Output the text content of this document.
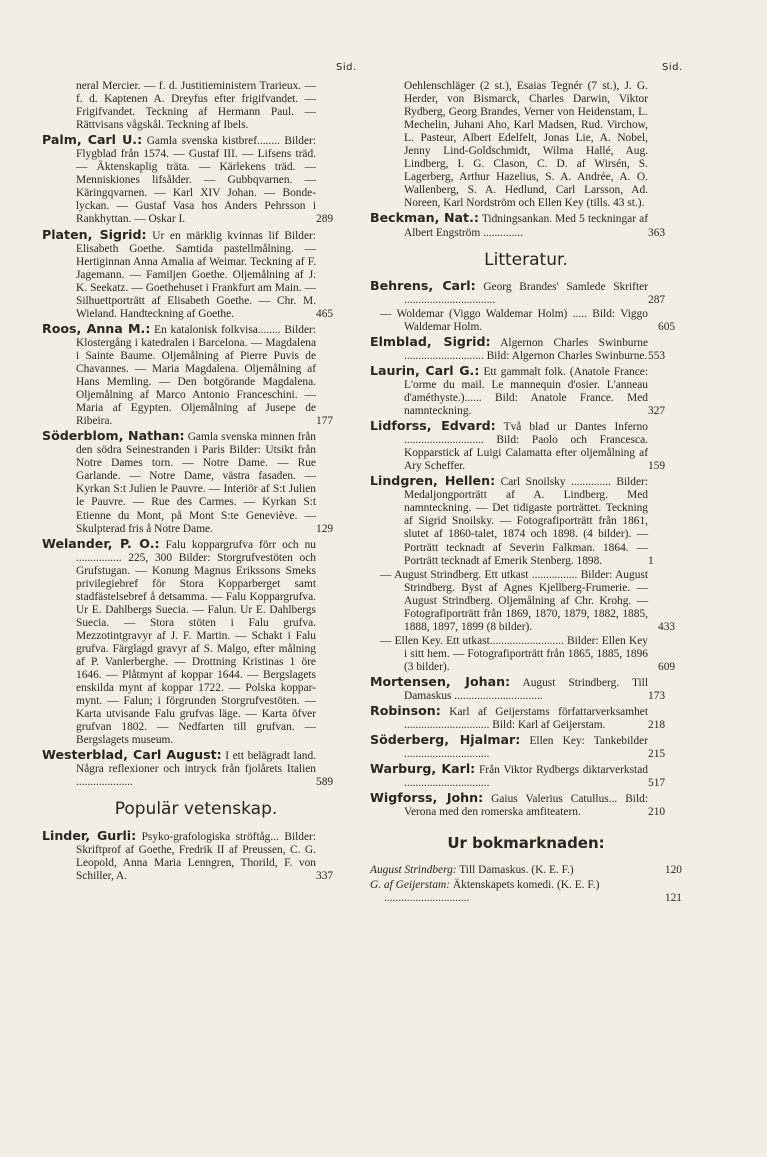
Sid.	Sid.
neral Mercier. — f. d. Justitieministern Trarieux. — f. d. Kaptenen A. Dreyfus efter frigifvandet. — Frigifvandet. Teckning af Hermann Paul. — Rättvisans vågskål. Teckning af Ibels.
Palm, Carl U.: Gamla svenska kistbref........ Bilder: Flygblad från 1574. — Gustaf III. — Lifsens träd. — Äktenskaplig träta. — Kärlekens träd. — Menniskiones lifsålder. — Gubbqvarnen. — Käringqvarnen. — Karl XIV Johan. — Bonde-lyckan. — Gustaf Vasa hos Anders Pehrsson i Rankhyttan. — Oskar I.	289
Platen, Sigrid: Ur en märklig kvinnas lif Bilder: Elisabeth Goethe. Samtida pastellmålning. — Hertiginnan Anna Amalia af Weimar. Teckning af F. Jagemann. — Familjen Goethe. Oljemålning af J. K. Seekatz. — Goethehuset i Frankfurt am Main. — Silhuettporträtt af Elisabeth Goethe. — Chr. M. Wieland. Handteckning af Goethe.	465
Roos, Anna M.: En katalonisk folkvisa........ Bilder: Klostergång i katedralen i Barcelona. — Magdalena i Sainte Baume. Oljemålning af Pierre Puvis de Chavannes. — Maria Magdalena. Oljemålning af Hans Memling. — Den botgörande Magdalena. Oljemålning af Marco Antonio Franceschini. — Maria af Egypten. Oljemålning af Jusepe de Ribeira.	177
Söderblom, Nathan: Gamla svenska minnen från den södra Seinestranden i Paris Bilder: Utsikt från Notre Dames torn. — Notre Dame. — Rue Garlande. — Notre Dame, västra fasaden. — Kyrkan S:t Julien le Pauvre. — Interiör af S:t Julien le Pauvre. — Rue des Carmes. — Kyrkan S:t Etienne du Mont, på Mont S:te Geneviève. — Skulpterad fris å Notre Dame.	129
Welander, P. O.: Falu koppargrufva förr och nu ................ 225, 300 Bilder: Storgrufvestöten och Grufstugan. — Konung Magnus Erikssons Smeks privilegiebref för Stora Kopparberget samt stadfästelsebref å detsamma. — Falu Koppargrufva. Ur E. Dahlbergs Suecia. — Falun. Ur E. Dahlbergs Suecia. — Stora stöten i Falu grufva. Mezzotintgravyr af J. F. Martin. — Schakt i Falu grufva. Färglagd gravyr af S. Malgo, efter målning af P. Vanlerberghe. — Drottning Kristinas 1 öre 1646. — Plåtmynt af koppar 1644. — Bergslagets enskilda mynt af koppar 1722. — Polska koppar-mynt. — Falun; i förgrunden Storgrufvestöten. — Karta utvisande Falu grufvas läge. — Karta öfver grufvan 1802. — Nedfarten till grufvan. — Bergslagets museum.
Westerblad, Carl August: I ett belägradt land. Några reflexioner och intryck från fjolårets Italien ....................	589
Populär vetenskap.
Linder, Gurli: Psyko-grafologiska ströftåg... Bilder: Skriftprof af Goethe, Fredrik II af Preussen, C. G. Leopold, Anna Maria Lenngren, Thorild, F. von Schiller, A.	337
Oehlenschläger (2 st.), Esaias Tegnér (7 st.), J. G. Herder, von Bismarck, Charles Darwin, Viktor Rydberg, Georg Brandes, Verner von Heidenstam, L. Mechelin, Juhani Aho, Karl Madsen, Rud. Virchow, L. Pasteur, Albert Edelfelt, Jonas Lie, A. Nobel, Jenny Lind-Goldschmidt, Wilma Hallé, Aug. Lindberg, I. G. Clason, C. D. af Wirsén, S. Lagerberg, Arthur Hazelius, S. A. Andrée, A. O. Wallenberg, S. A. Hedlund, Carl Larsson, Ad. Noreen, Karl Nordström och Ellen Key (tills. 43 st.).
Beckman, Nat.: Tidningsankan. Med 5 teckningar af Albert Engström ..............	363
Litteratur.
Behrens, Carl: Georg Brandes' Samlede Skrifter ................................	287
— Woldemar (Viggo Waldemar Holm) ..... Bild: Viggo Waldemar Holm.	605
Elmblad, Sigrid: Algernon Charles Swinburne ............................ Bild: Algernon Charles Swinburne. 553
Laurin, Carl G.: Ett gammalt folk. (Anatole France: L'orme du mail. Le mannequin d'osier. L'anneau d'améthyste.)...... Bild: Anatole France. Med namnteckning.	327
Lidforss, Edvard: Två blad ur Dantes Inferno ............................ Bild: Paolo och Francesca. Kopparstick af Luigi Calamatta efter oljemålning af Ary Scheffer.	159
Lindgren, Hellen: Carl Snoilsky .............. Bilder: Medaljongporträtt af A. Lindberg. Med namnteckning. — Det tidigaste porträttet. Teckning af Sigrid Snoilsky. — Fotografiporträtt från 1861, slutet af 1860-talet, 1874 och 1898. (4 bilder). — Porträtt tecknadt af Severin Falkman. 1864. — Porträtt tecknadt af Emerik Stenberg. 1898.	1
— August Strindberg. Ett utkast ................ Bilder: August Strindberg. Byst af Agnes Kjellberg-Frumerie. — August Strindberg. Oljemålning af Chr. Krohg. — Fotografiporträtt från 1869, 1870, 1879, 1882, 1885, 1888, 1897, 1899 (8 bilder).	433
— Ellen Key. Ett utkast.......................... Bilder: Ellen Key i sitt hem. — Fotografiporträtt från 1865, 1885, 1896 (3 bilder).	609
Mortensen, Johan: August Strindberg. Till Damaskus ...............................	173
Robinson: Karl af Geijerstams författarverksamhet .............................. Bild: Karl af Geijerstam.	218
Söderberg, Hjalmar: Ellen Key: Tankebilder ..............................	215
Warburg, Karl: Från Viktor Rydbergs diktarverkstad ..............................	517
Wigforss, John: Gaius Valerius Catullus... Bild: Verona med den romerska amfiteatern.	210
Ur bokmarknaden:
August Strindberg: Till Damaskus. (K. E. F.)	120
G. af Geijerstam: Äktenskapets komedi. (K. E. F.) ..............................	121
